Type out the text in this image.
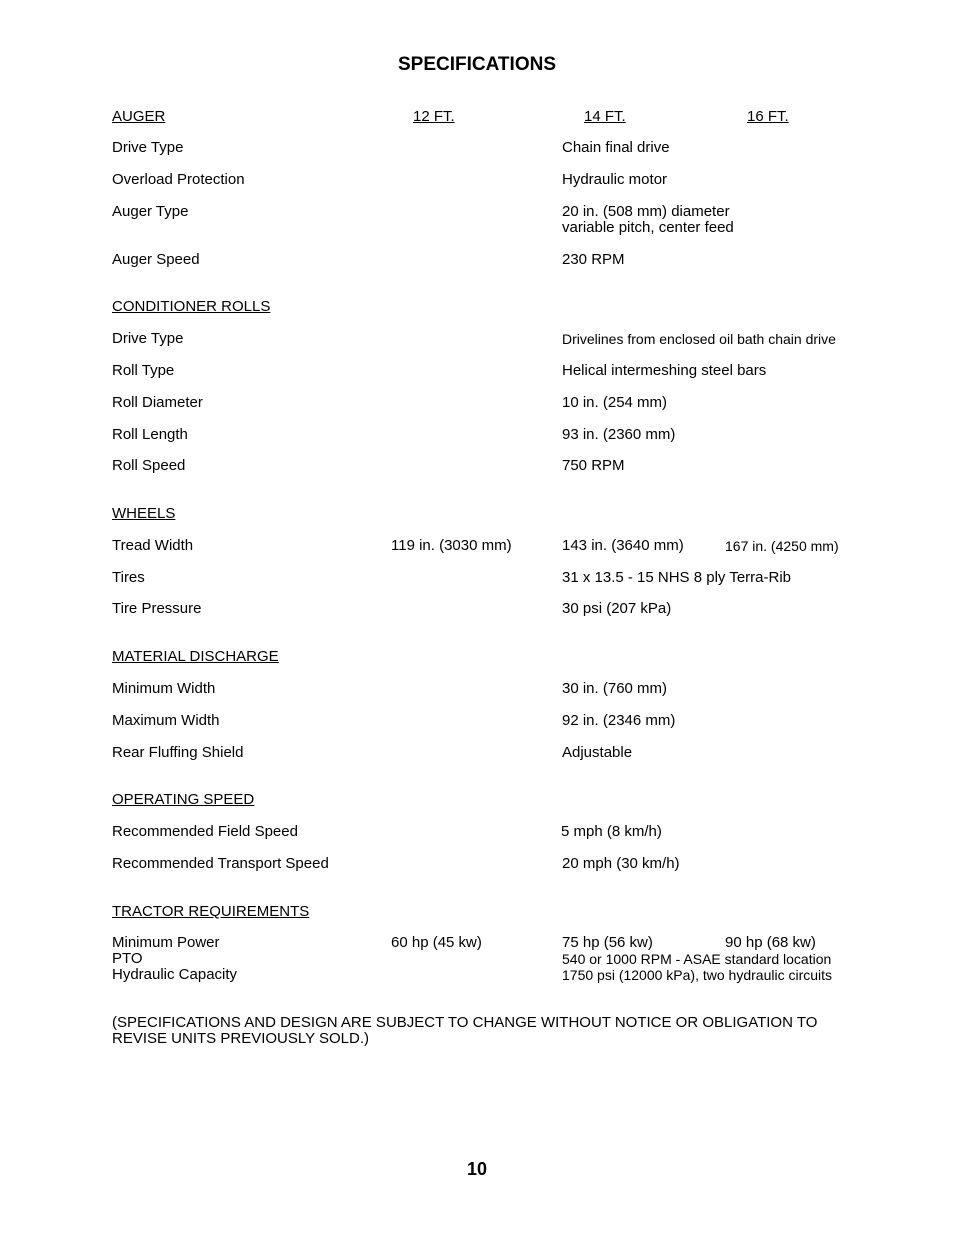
SPECIFICATIONS
AUGER	12 FT.	14 FT.	16 FT.
Drive Type	Chain final drive
Overload Protection	Hydraulic motor
Auger Type	20 in. (508 mm) diameter
variable pitch, center feed
Auger Speed	230 RPM
CONDITIONER ROLLS
Drive Type	Drivelines from enclosed oil bath chain drive
Roll Type	Helical intermeshing steel bars
Roll Diameter	10 in. (254 mm)
Roll Length	93 in. (2360 mm)
Roll Speed	750 RPM
WHEELS
Tread Width	119 in. (3030 mm)	143 in. (3640 mm)	167 in. (4250 mm)
Tires	31 x 13.5 - 15 NHS 8 ply Terra-Rib
Tire Pressure	30 psi (207 kPa)
MATERIAL DISCHARGE
Minimum Width	30 in. (760 mm)
Maximum Width	92 in. (2346 mm)
Rear Fluffing Shield	Adjustable
OPERATING SPEED
Recommended Field Speed	5 mph (8 km/h)
Recommended Transport Speed	20 mph (30 km/h)
TRACTOR REQUIREMENTS
Minimum Power	60 hp (45 kw)	75 hp (56 kw)	90 hp (68 kw)
PTO	540 or 1000 RPM - ASAE standard location
Hydraulic Capacity	1750 psi (12000 kPa), two hydraulic circuits
(SPECIFICATIONS AND DESIGN ARE SUBJECT TO CHANGE WITHOUT NOTICE OR OBLIGATION TO
REVISE UNITS PREVIOUSLY SOLD.)
10
